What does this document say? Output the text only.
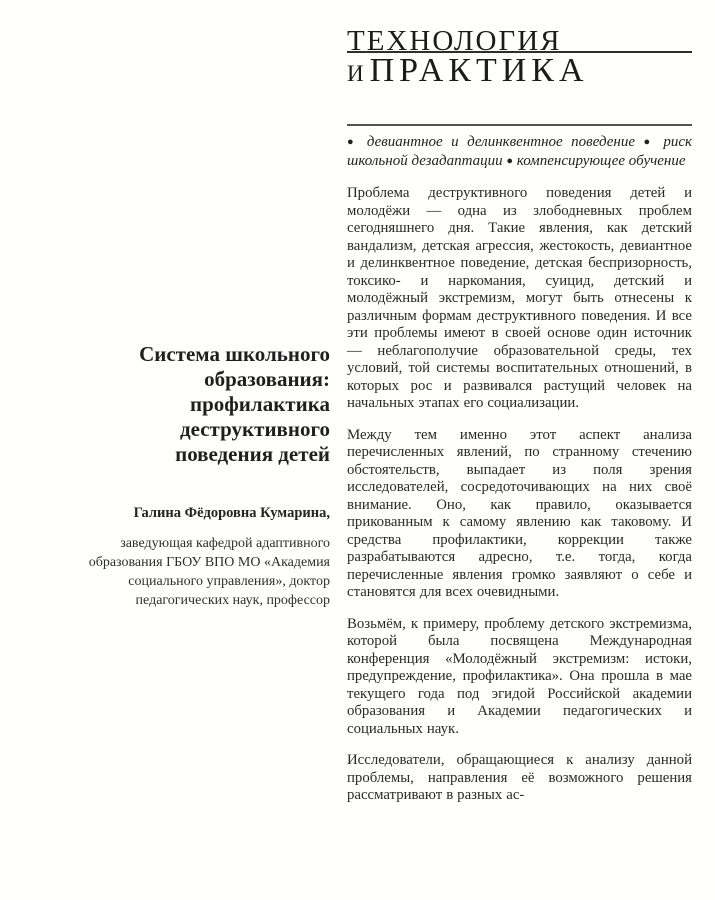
Система школьного образования: профилактика деструктивного поведения детей
Галина Фёдоровна Кумарина,
заведующая кафедрой адаптивного образования ГБОУ ВПО МО «Академия социального управления», доктор педагогических наук, профессор
ТЕХНОЛОГИЯ
И ПРАКТИКА
● девиантное и делинквентное поведение ● риск школьной дезадаптации ● компенсирующее обучение

Проблема деструктивного поведения детей и молодёжи — одна из злободневных проблем сегодняшнего дня. Такие явления, как детский вандализм, детская агрессия, жестокость, девиантное и делинквентное поведение, детская беспризорность, токсико- и наркомания, суицид, детский и молодёжный экстремизм, могут быть отнесены к различным формам деструктивного поведения. И все эти проблемы имеют в своей основе один источник — неблагополучие образовательной среды, тех условий, той системы воспитательных отношений, в которых рос и развивался растущий человек на начальных этапах его социализации.

Между тем именно этот аспект анализа перечисленных явлений, по странному стечению обстоятельств, выпадает из поля зрения исследователей, сосредоточивающих на них своё внимание. Оно, как правило, оказывается прикованным к самому явлению как таковому. И средства профилактики, коррекции также разрабатываются адресно, т.е. тогда, когда перечисленные явления громко заявляют о себе и становятся для всех очевидными.

Возьмём, к примеру, проблему детского экстремизма, которой была посвящена Международная конференция «Молодёжный экстремизм: истоки, предупреждение, профилактика». Она прошла в мае текущего года под эгидой Российской академии образования и Академии педагогических и социальных наук.

Исследователи, обращающиеся к анализу данной проблемы, направления её возможного решения рассматривают в разных ас-
